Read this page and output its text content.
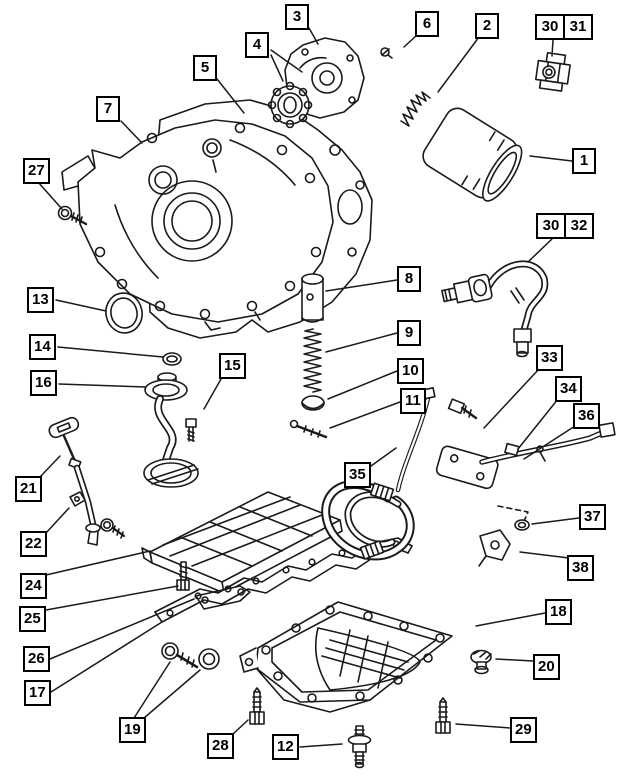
3	6	2	30 31
4
5
7
1
27
30 32
8
13
9
14
15	10
16
11
33
34
36
35
21
37
22
38
24
18
25
26	20
17
19	29
28	12
